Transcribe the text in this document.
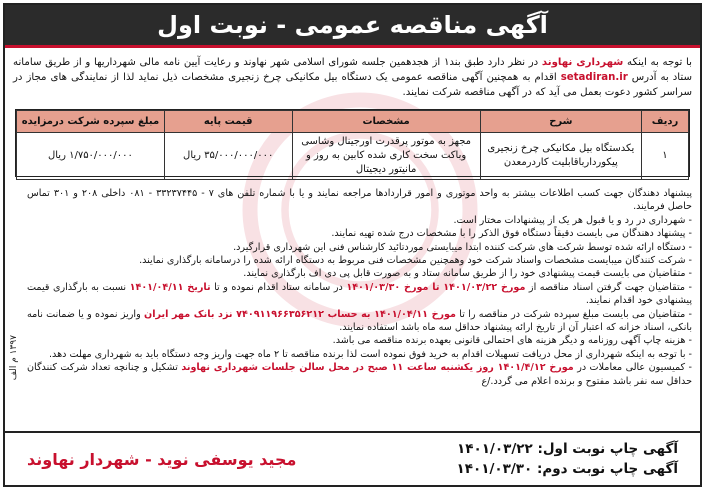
آگهی مناقصه عمومی - نوبت اول
با توجه به اینکه شهرداری نهاوند در نظر دارد طبق بند۱ از هجدهمین جلسه شورای اسلامی شهر نهاوند و رعایت آیین نامه مالی شهرداریها و از طریق سامانه ستاد به آدرس setadiran.ir اقدام به همچنین آگهی مناقصه عمومی یک دستگاه بیل مکانیکی چرخ زنجیری مشخصات ذیل نماید لذا از نمایندگی های مجاز در سراسر کشور دعوت بعمل می آید که در آگهی مناقصه شرکت نمایند.
ردیف	شرح	مشخصات	قیمت پایه	مبلغ سپرده شرکت درمزایده
۱	یکدستگاه بیل مکانیکی چرخ زنجیری پیکوردارباقابلیت کاردرمعدن	مجهز به موتور پرقدرت اورجینال وشاسی وباکت سخت کاری شده کابین به روز و مانیتور دیجیتال	۳۵/۰۰۰/۰۰۰/۰۰۰ ریال	۱/۷۵۰/۰۰۰/۰۰۰ ریال

پیشنهاد دهندگان جهت کسب اطلاعات بیشتر به واحد موتوری و امور قراردادها مراجعه نمایند و یا با شماره تلفن های ۷ - ۳۳۲۳۷۴۴۵ - ۰۸۱ داخلی ۲۰۸ و ۳۰۱ تماس حاصل فرمایند.

- شهرداری در رد و یا قبول هر یک از پیشنهادات مختار است.

- پیشنهاد دهندگان می بایست دقیقاً دستگاه فوق الذکر را با مشخصات درج شده تهیه نمایند.

- دستگاه ارائه شده توسط شرکت های شرکت کننده ابتدا میبایستی موردتائید کارشناس فنی این شهرداری قرارگیرد.

- شرکت کنندگان میبایست مشخصات واسناد شرکت خود وهمچنین مشخصات فنی مربوط به دستگاه ارائه شده را درسامانه بارگذاری نمایند.

- متقاضیان می بایست قیمت پیشنهادی خود را از طریق سامانه ستاد و به صورت قابل پی دی اف بارگذاری نمایند.

- متقاضیان جهت گرفتن اسناد مناقصه از مورخ ۱۴۰۱/۰۳/۲۲ تا مورخ ۱۴۰۱/۰۳/۳۰ در سامانه ستاد اقدام نموده و تا تاریخ ۱۴۰۱/۰۴/۱۱ نسبت به بارگذاری قیمت پیشنهادی خود اقدام نمایند.

- متقاضیان می بایست مبلغ سپرده شرکت در مناقصه را تا مورخ ۱۴۰۱/۰۴/۱۱ به حساب ۷۴۰۹۱۱۹۶۶۳۵۶۲۱۲ نزد بانک مهر ایران واریز نموده و یا ضمانت نامه بانکی، اسناد خزانه که اعتبار آن از تاریخ ارائه پیشنهاد حداقل سه ماه باشد استفاده نمایند.

- هزینه چاپ آگهی روزنامه و دیگر هزینه های احتمالی قانونی بعهده برنده مناقصه می باشد.

- با توجه به اینکه شهرداری از محل دریافت تسهیلات اقدام به خرید فوق نموده است لذا برنده مناقصه تا ۲ ماه جهت واریز وجه دستگاه باید به شهرداری مهلت دهد.

- کمیسیون عالی معاملات در مورخ ۱۴۰۱/۴/۱۲ روز یکشنبه ساعت ۱۱ صبح در محل سالن جلسات شهرداری نهاوند تشکیل و چنانچه تعداد شرکت کنندگان حداقل سه نفر باشد مفتوح و برنده اعلام می گردد./ع

۱۳۹۷ م الف
آگهی چاپ نوبت اول: ۱۴۰۱/۰۳/۲۲
آگهی چاپ نوبت دوم: ۱۴۰۱/۰۳/۳۰
مجید یوسفی نوید - شهردار نهاوند
